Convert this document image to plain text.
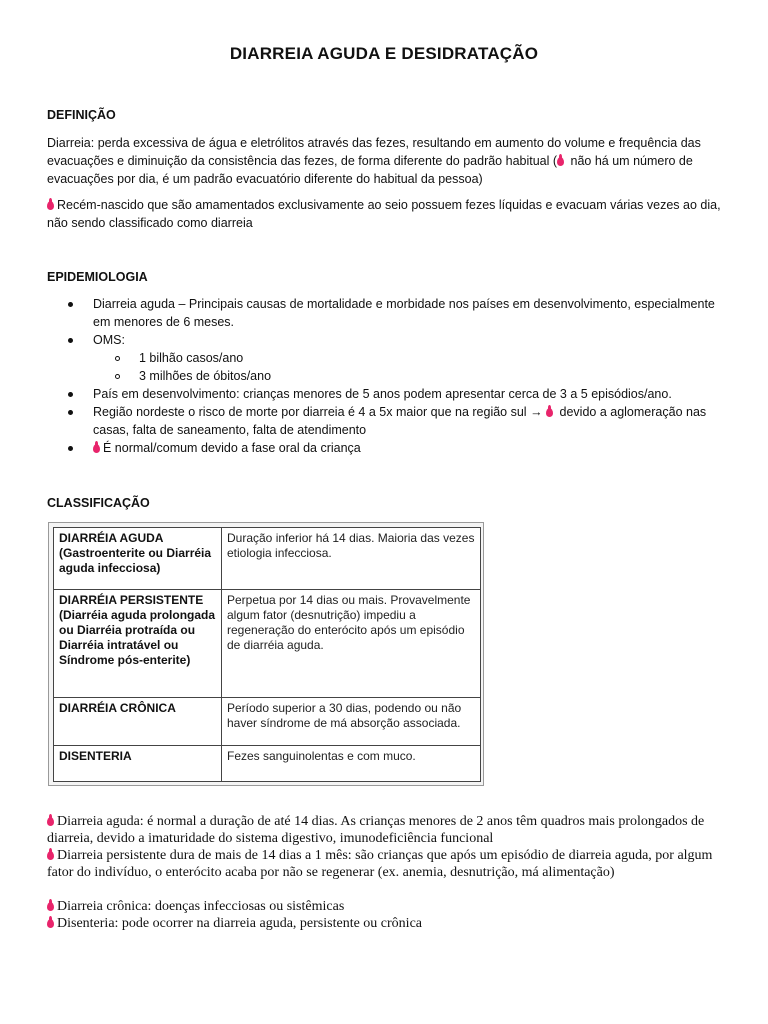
DIARREIA AGUDA E DESIDRATAÇÃO
DEFINIÇÃO
Diarreia: perda excessiva de água e eletrólitos através das fezes, resultando em aumento do volume e frequência das evacuações e diminuição da consistência das fezes, de forma diferente do padrão habitual ( não há um número de evacuações por dia, é um padrão evacuatório diferente do habitual da pessoa)
Recém-nascido que são amamentados exclusivamente ao seio possuem fezes líquidas e evacuam várias vezes ao dia, não sendo classificado como diarreia
EPIDEMIOLOGIA
Diarreia aguda – Principais causas de mortalidade e morbidade nos países em desenvolvimento, especialmente em menores de 6 meses.
OMS:
1 bilhão casos/ano
3 milhões de óbitos/ano
País em desenvolvimento: crianças menores de 5 anos podem apresentar cerca de 3 a 5 episódios/ano.
Região nordeste o risco de morte por diarreia é 4 a 5x maior que na região sul →  devido a aglomeração nas casas, falta de saneamento, falta de atendimento
É normal/comum devido a fase oral da criança
CLASSIFICAÇÃO
DIARRÉIA AGUDA (Gastroenterite ou Diarréia aguda infecciosa)	Duração inferior há 14 dias. Maioria das vezes etiologia infecciosa.
DIARRÉIA PERSISTENTE (Diarréia aguda prolongada ou Diarréia protraída ou Diarréia intratável ou Síndrome pós-enterite)	Perpetua por 14 dias ou mais. Provavelmente algum fator (desnutrição) impediu a regeneração do enterócito após um episódio de diarréia aguda.
DIARRÉIA CRÔNICA	Período superior a 30 dias, podendo ou não haver síndrome de má absorção associada.
DISENTERIA	Fezes sanguinolentas e com muco.
Diarreia aguda: é normal a duração de até 14 dias. As crianças menores de 2 anos têm quadros mais prolongados de diarreia, devido a imaturidade do sistema digestivo, imunodeficiência funcional
Diarreia persistente dura de mais de 14 dias a 1 mês: são crianças que após um episódio de diarreia aguda, por algum fator do indivíduo, o enterócito acaba por não se regenerar (ex. anemia, desnutrição, má alimentação)
Diarreia crônica: doenças infecciosas ou sistêmicas
Disenteria: pode ocorrer na diarreia aguda, persistente ou crônica
